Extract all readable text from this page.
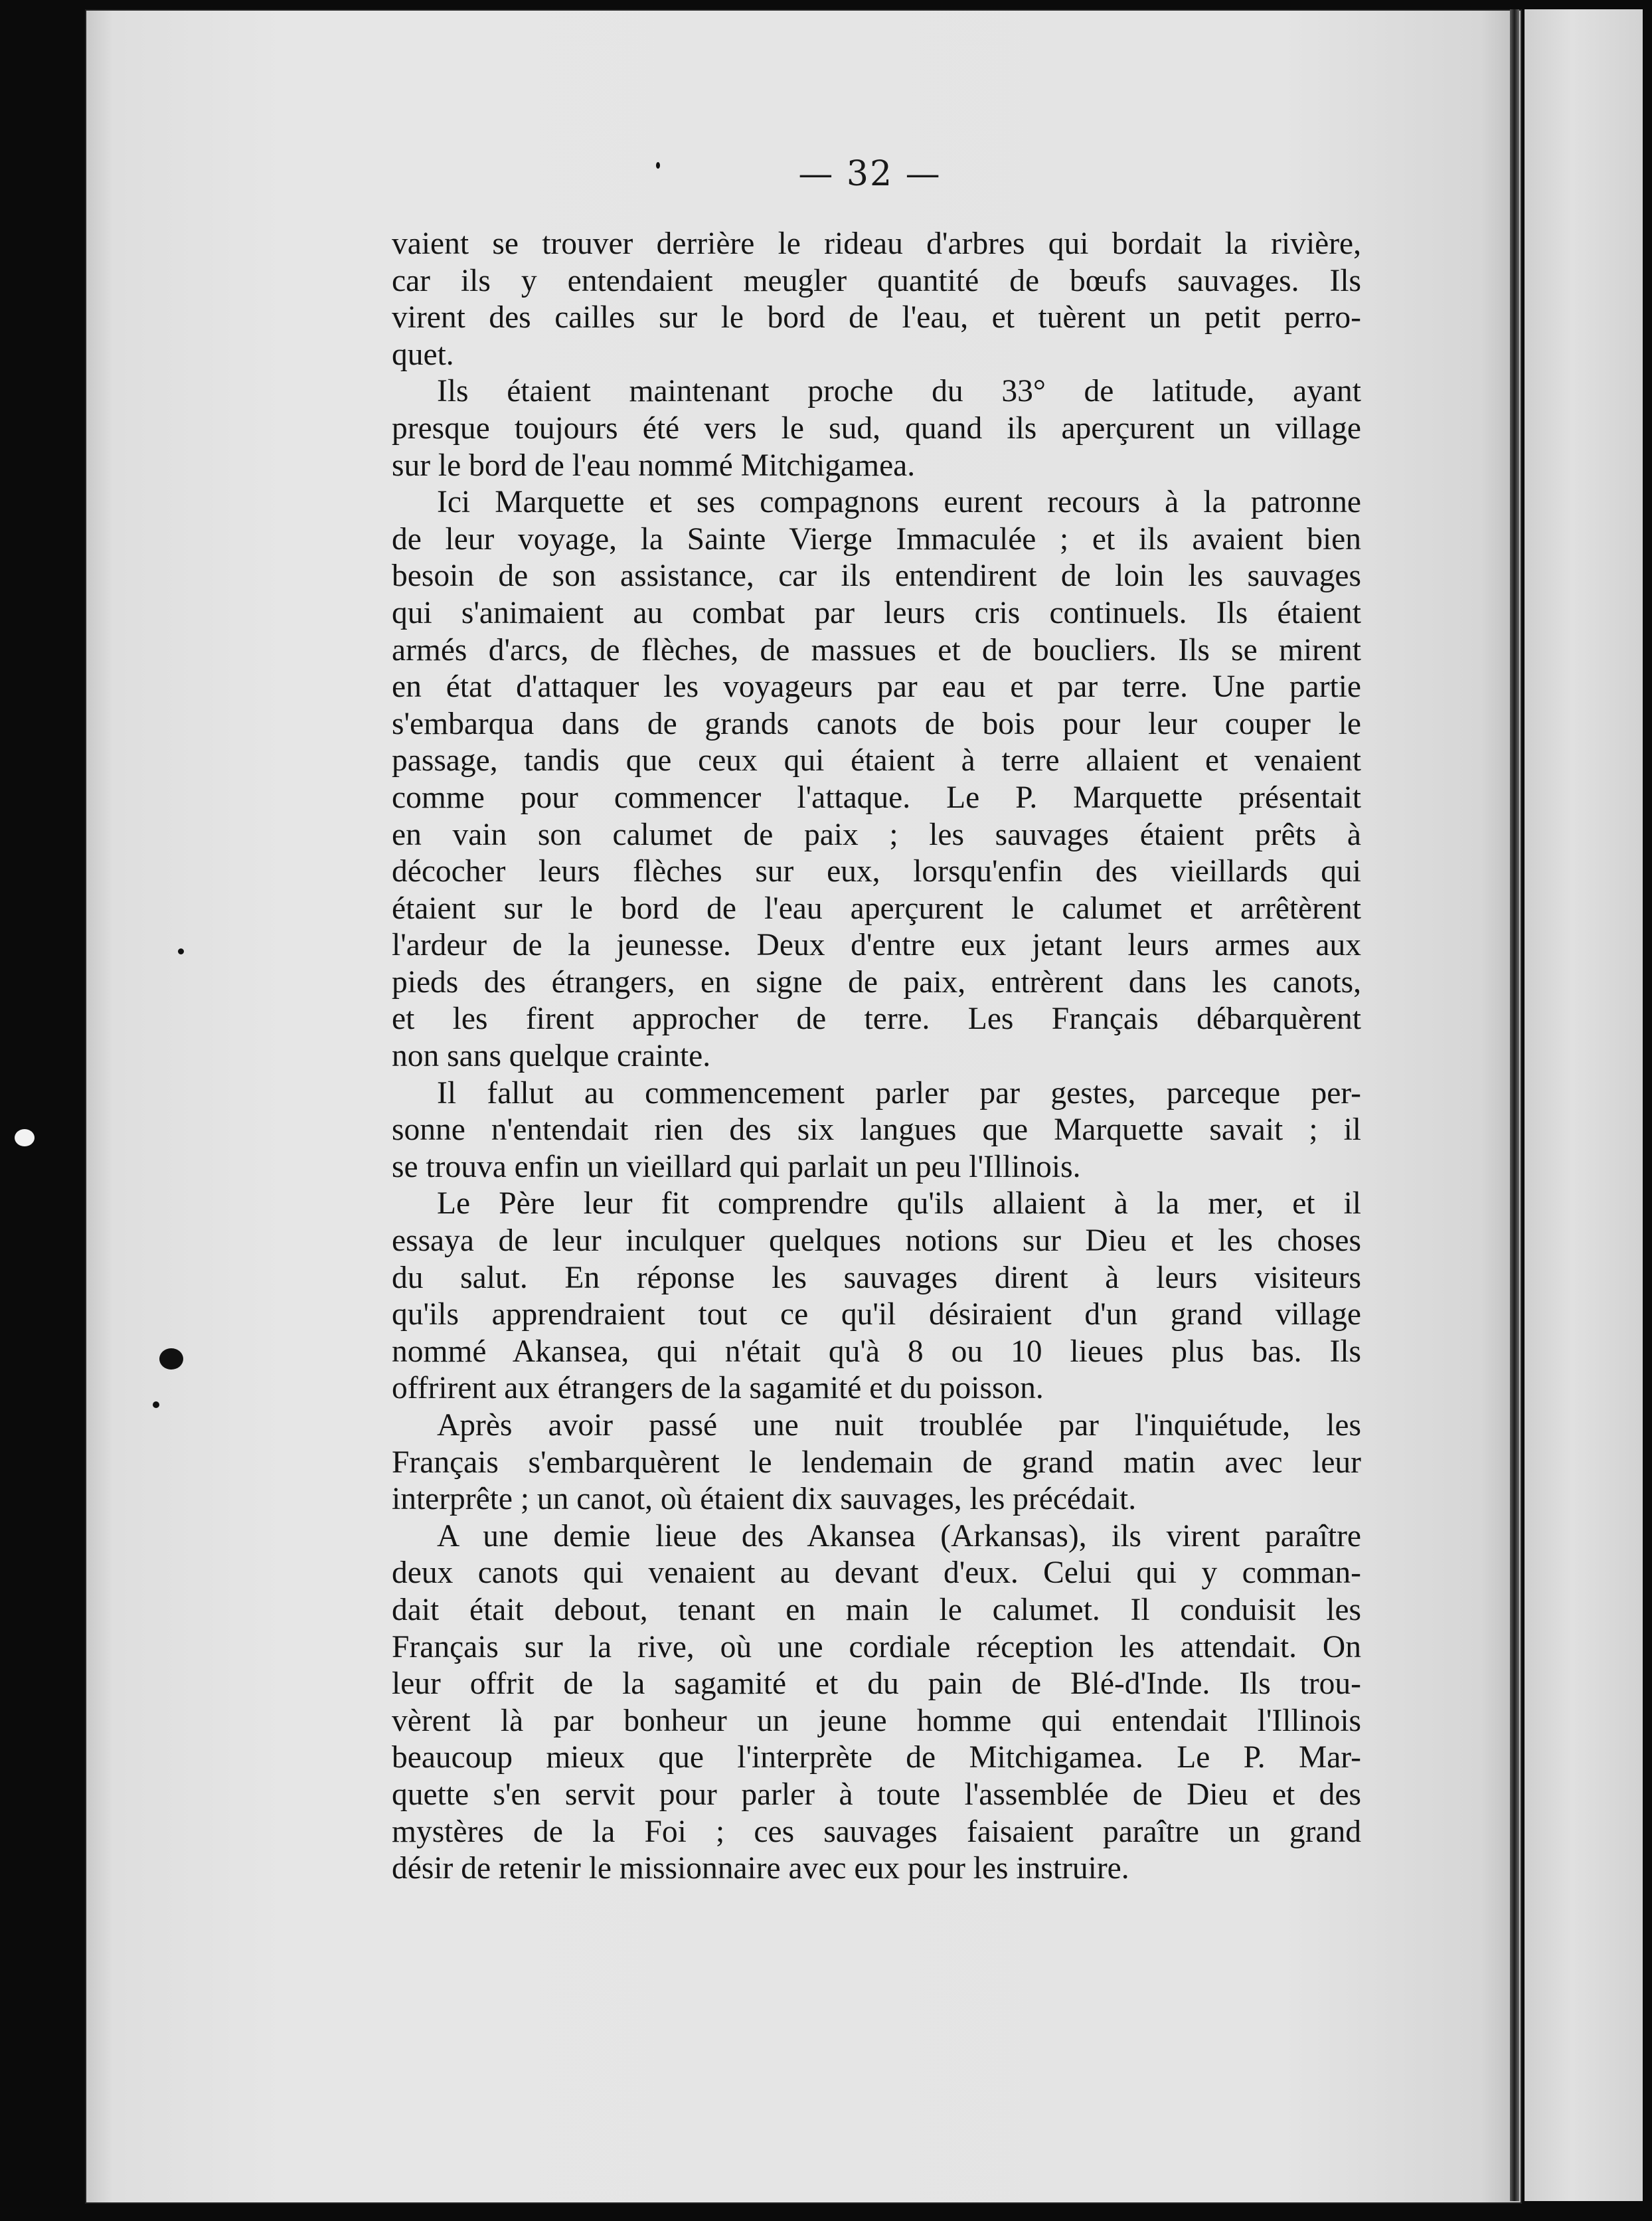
— 32 —
vaient se trouver derrière le rideau d'arbres qui bordait la rivière,
car ils y entendaient meugler quantité de bœufs sauvages. Ils
virent des cailles sur le bord de l'eau, et tuèrent un petit perro-
quet.
Ils étaient maintenant proche du 33° de latitude, ayant
presque toujours été vers le sud, quand ils aperçurent un village
sur le bord de l'eau nommé Mitchigamea.
Ici Marquette et ses compagnons eurent recours à la patronne
de leur voyage, la Sainte Vierge Immaculée ; et ils avaient bien
besoin de son assistance, car ils entendirent de loin les sauvages
qui s'animaient au combat par leurs cris continuels. Ils étaient
armés d'arcs, de flèches, de massues et de boucliers. Ils se mirent
en état d'attaquer les voyageurs par eau et par terre. Une partie
s'embarqua dans de grands canots de bois pour leur couper le
passage, tandis que ceux qui étaient à terre allaient et venaient
comme pour commencer l'attaque. Le P. Marquette présentait
en vain son calumet de paix ; les sauvages étaient prêts à
décocher leurs flèches sur eux, lorsqu'enfin des vieillards qui
étaient sur le bord de l'eau aperçurent le calumet et arrêtèrent
l'ardeur de la jeunesse. Deux d'entre eux jetant leurs armes aux
pieds des étrangers, en signe de paix, entrèrent dans les canots,
et les firent approcher de terre. Les Français débarquèrent
non sans quelque crainte.
Il fallut au commencement parler par gestes, parceque per-
sonne n'entendait rien des six langues que Marquette savait ; il
se trouva enfin un vieillard qui parlait un peu l'Illinois.
Le Père leur fit comprendre qu'ils allaient à la mer, et il
essaya de leur inculquer quelques notions sur Dieu et les choses
du salut. En réponse les sauvages dirent à leurs visiteurs
qu'ils apprendraient tout ce qu'il désiraient d'un grand village
nommé Akansea, qui n'était qu'à 8 ou 10 lieues plus bas. Ils
offrirent aux étrangers de la sagamité et du poisson.
Après avoir passé une nuit troublée par l'inquiétude, les
Français s'embarquèrent le lendemain de grand matin avec leur
interprête ; un canot, où étaient dix sauvages, les précédait.
A une demie lieue des Akansea (Arkansas), ils virent paraître
deux canots qui venaient au devant d'eux. Celui qui y comman-
dait était debout, tenant en main le calumet. Il conduisit les
Français sur la rive, où une cordiale réception les attendait. On
leur offrit de la sagamité et du pain de Blé-d'Inde. Ils trou-
vèrent là par bonheur un jeune homme qui entendait l'Illinois
beaucoup mieux que l'interprète de Mitchigamea. Le P. Mar-
quette s'en servit pour parler à toute l'assemblée de Dieu et des
mystères de la Foi ; ces sauvages faisaient paraître un grand
désir de retenir le missionnaire avec eux pour les instruire.
